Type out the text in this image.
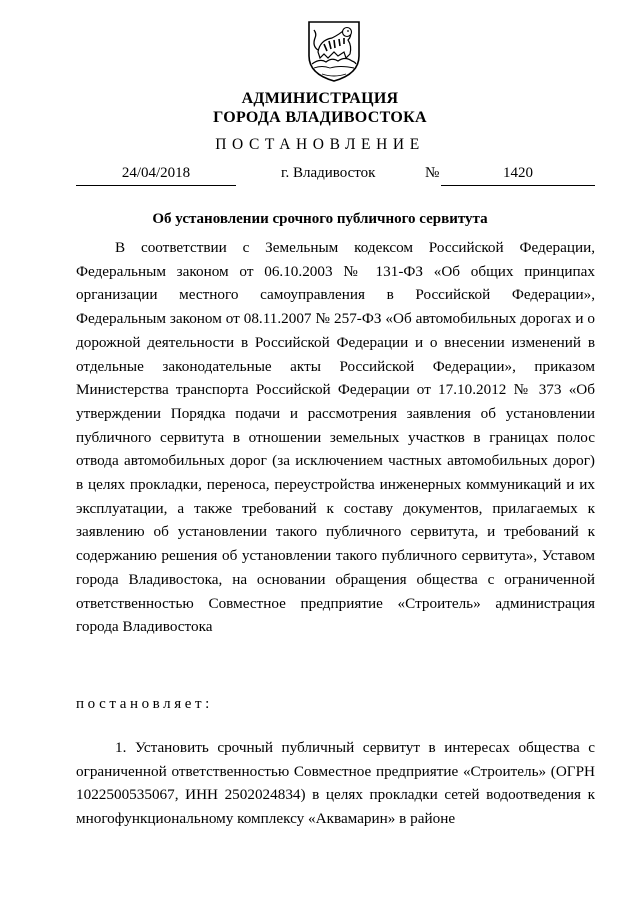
АДМИНИСТРАЦИЯ
ГОРОДА ВЛАДИВОСТОКА
ПОСТАНОВЛЕНИЕ
24/04/2018	г. Владивосток	№	1420
Об установлении срочного публичного сервитута

В соответствии с Земельным кодексом Российской Федерации, Федеральным законом от 06.10.2003 № 131-ФЗ «Об общих принципах организации местного самоуправления в Российской Федерации», Федеральным законом от 08.11.2007 № 257-ФЗ «Об автомобильных дорогах и о дорожной деятельности в Российской Федерации и о внесении изменений в отдельные законодательные акты Российской Федерации», приказом Министерства транспорта Российской Федерации от 17.10.2012 № 373 «Об утверждении Порядка подачи и рассмотрения заявления об установлении публичного сервитута в отношении земельных участков в границах полос отвода автомобильных дорог (за исключением частных автомобильных дорог) в целях прокладки, переноса, переустройства инженерных коммуникаций и их эксплуатации, а также требований к составу документов, прилагаемых к заявлению об установлении такого публичного сервитута, и требований к содержанию решения об установлении такого публичного сервитута», Уставом города Владивостока, на основании обращения общества с ограниченной ответственностью Совместное предприятие «Строитель» администрация города Владивостока

постановляет:

1. Установить срочный публичный сервитут в интересах общества с ограниченной ответственностью Совместное предприятие «Строитель» (ОГРН 1022500535067, ИНН 2502024834) в целях прокладки сетей водоотведения к многофункциональному комплексу «Аквамарин» в районе
